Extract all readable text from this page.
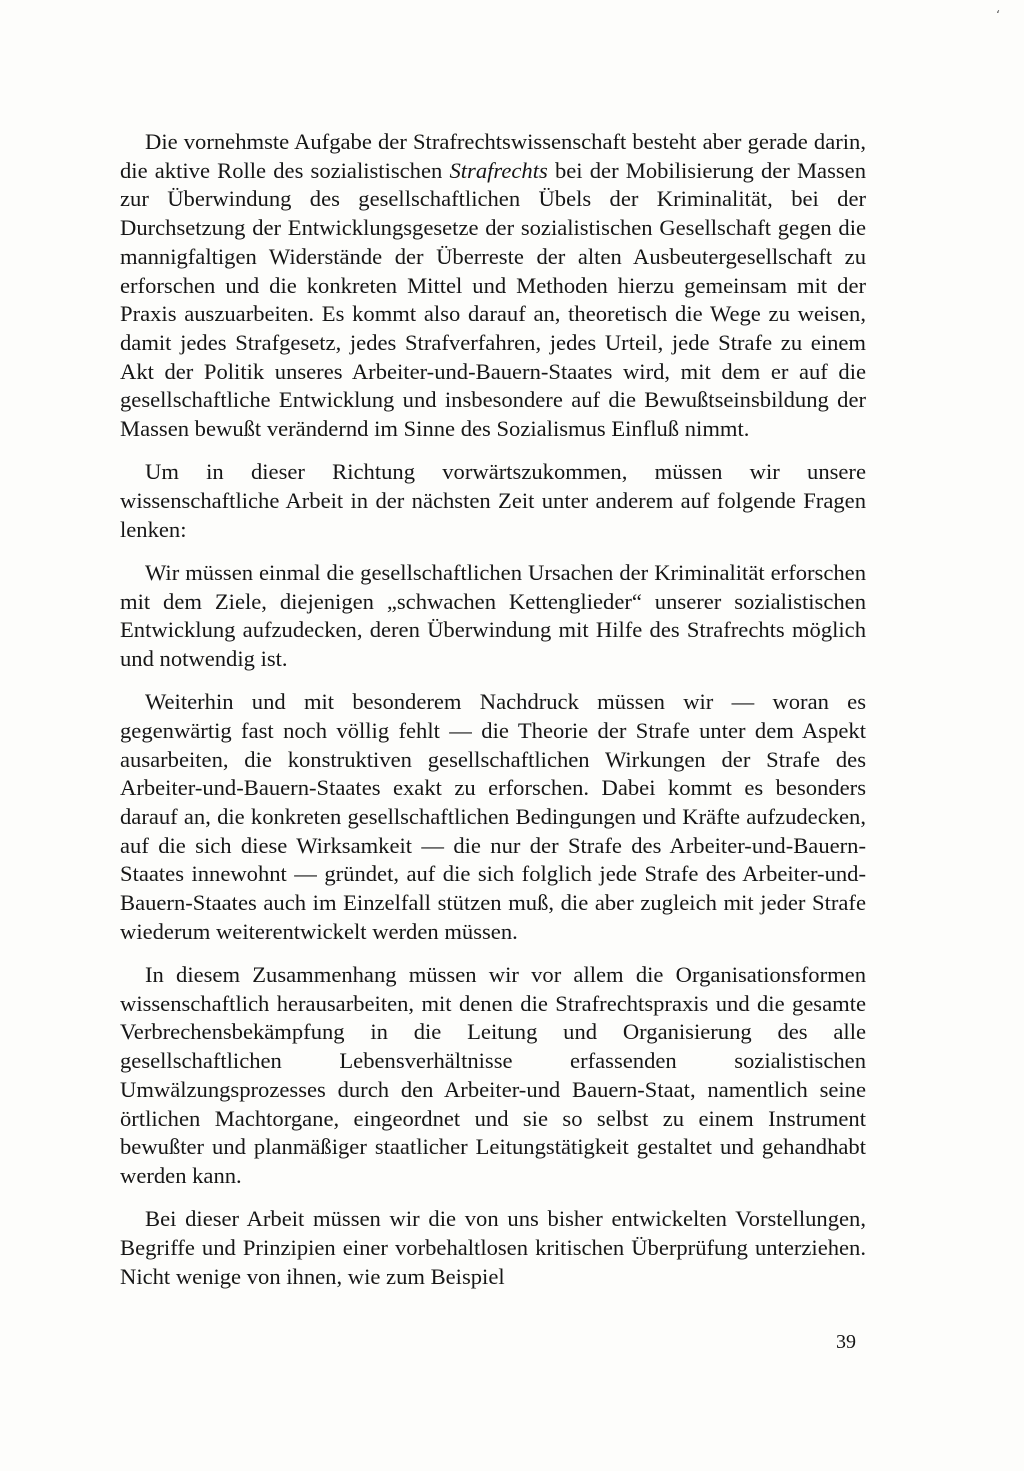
‘

Die vornehmste Aufgabe der Strafrechtswissenschaft besteht aber gerade darin, die aktive Rolle des sozialistischen Strafrechts bei der Mobilisierung der Massen zur Überwindung des gesellschaftlichen Übels der Kriminalität, bei der Durchsetzung der Entwicklungsgesetze der sozialistischen Gesellschaft gegen die mannigfaltigen Widerstände der Überreste der alten Ausbeutergesellschaft zu erforschen und die konkreten Mittel und Methoden hierzu gemeinsam mit der Praxis auszuarbeiten. Es kommt also darauf an, theoretisch die Wege zu weisen, damit jedes Strafgesetz, jedes Strafverfahren, jedes Urteil, jede Strafe zu einem Akt der Politik unseres Arbeiter-und-Bauern-Staates wird, mit dem er auf die gesellschaftliche Entwicklung und insbesondere auf die Bewußtseinsbildung der Massen bewußt verändernd im Sinne des Sozialismus Einfluß nimmt.

Um in dieser Richtung vorwärtszukommen, müssen wir unsere wissenschaftliche Arbeit in der nächsten Zeit unter anderem auf folgende Fragen lenken:

Wir müssen einmal die gesellschaftlichen Ursachen der Kriminalität erforschen mit dem Ziele, diejenigen „schwachen Kettenglieder“ unserer sozialistischen Entwicklung aufzudecken, deren Überwindung mit Hilfe des Strafrechts möglich und notwendig ist.

Weiterhin und mit besonderem Nachdruck müssen wir — woran es gegenwärtig fast noch völlig fehlt — die Theorie der Strafe unter dem Aspekt ausarbeiten, die konstruktiven gesellschaftlichen Wirkungen der Strafe des Arbeiter-und-Bauern-Staates exakt zu erforschen. Dabei kommt es besonders darauf an, die konkreten gesellschaftlichen Bedingungen und Kräfte aufzudecken, auf die sich diese Wirksamkeit — die nur der Strafe des Arbeiter-und-Bauern-Staates innewohnt — gründet, auf die sich folglich jede Strafe des Arbeiter-und-Bauern-Staates auch im Einzelfall stützen muß, die aber zugleich mit jeder Strafe wiederum weiterentwickelt werden müssen.

In diesem Zusammenhang müssen wir vor allem die Organisationsformen wissenschaftlich herausarbeiten, mit denen die Strafrechtspraxis und die gesamte Verbrechensbekämpfung in die Leitung und Organisierung des alle gesellschaftlichen Lebensverhältnisse erfassenden sozialistischen Umwälzungsprozesses durch den Arbeiter-und Bauern-Staat, namentlich seine örtlichen Machtorgane, eingeordnet und sie so selbst zu einem Instrument bewußter und planmäßiger staatlicher Leitungstätigkeit gestaltet und gehandhabt werden kann.

Bei dieser Arbeit müssen wir die von uns bisher entwickelten Vorstellungen, Begriffe und Prinzipien einer vorbehaltlosen kritischen Überprüfung unterziehen. Nicht wenige von ihnen, wie zum Beispiel

39
